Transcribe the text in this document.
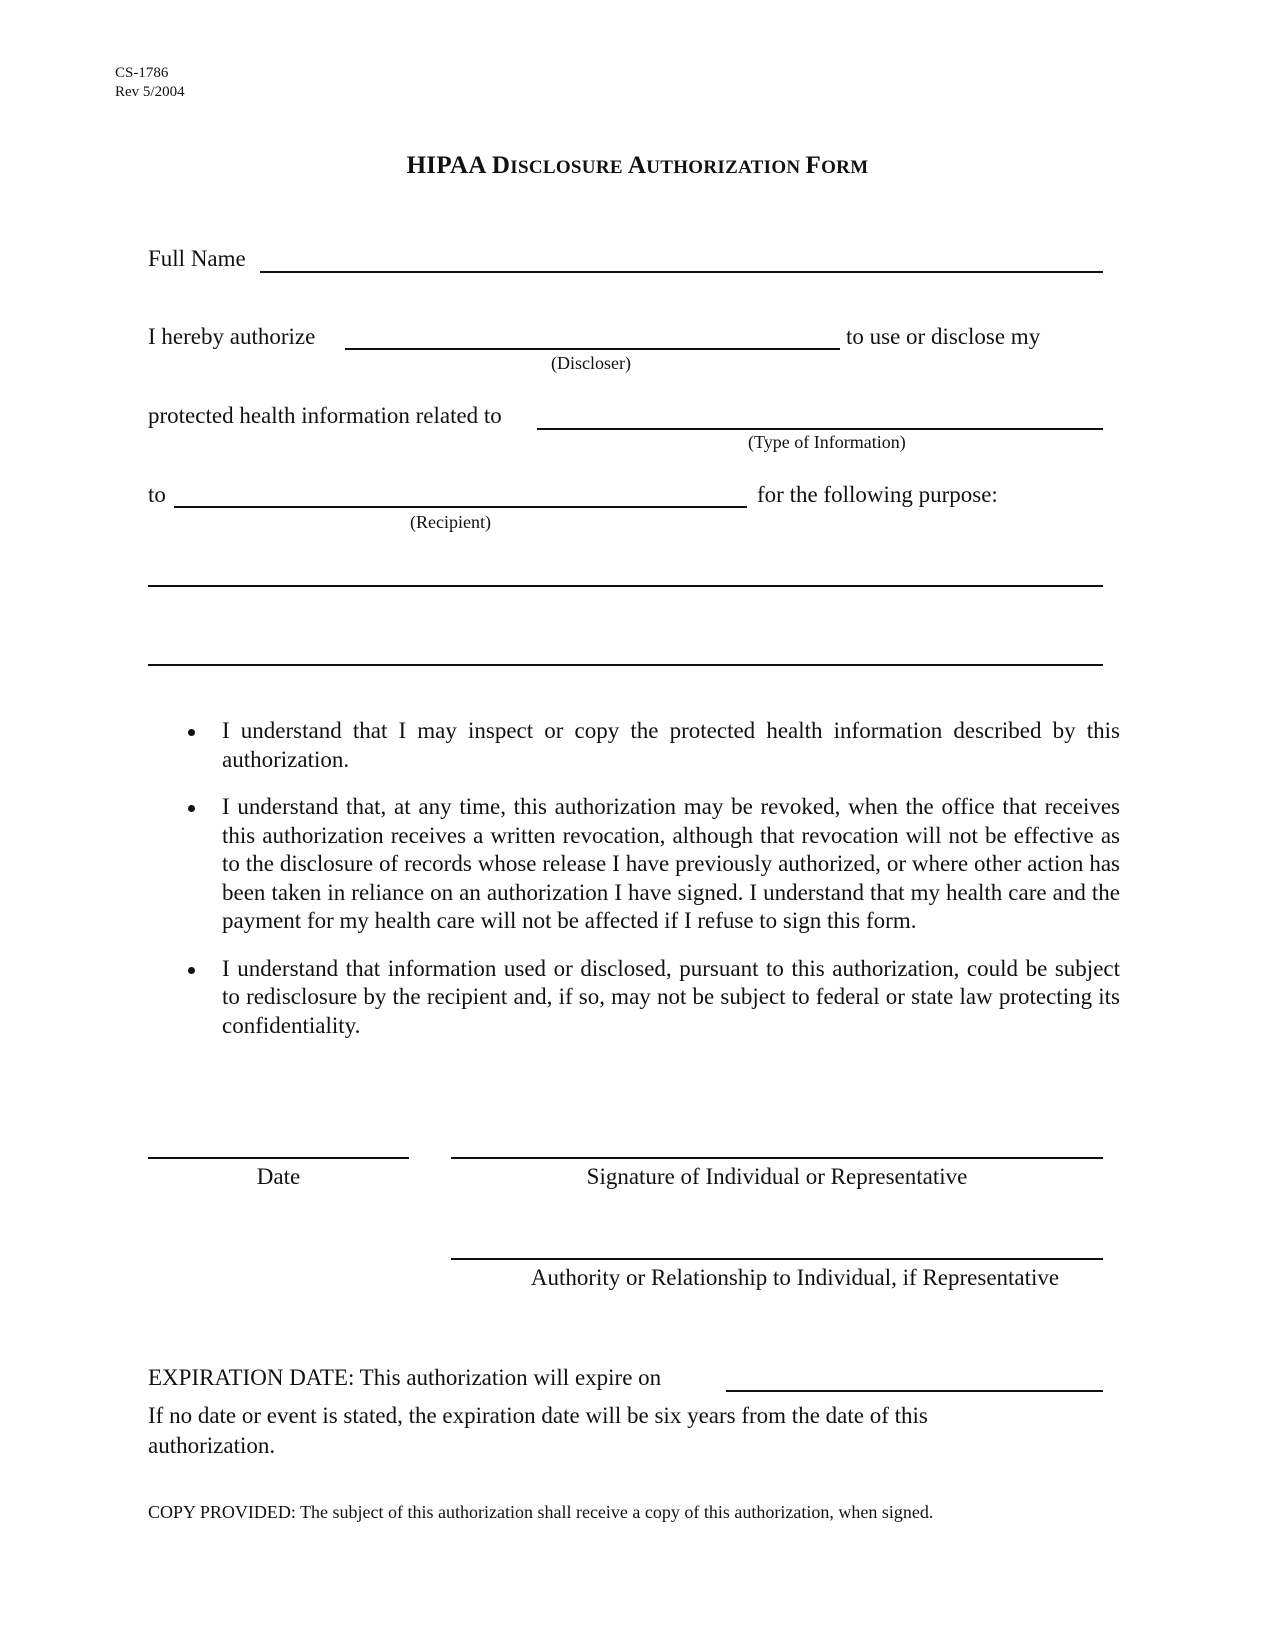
CS-1786
Rev 5/2004
HIPAA DISCLOSURE AUTHORIZATION FORM
Full Name
I hereby authorize	to use or disclose my
(Discloser)
protected health information related to
(Type of Information)
to	for the following purpose:
(Recipient)
I understand that I may inspect or copy the protected health information described by this authorization.
I understand that, at any time, this authorization may be revoked, when the office that receives this authorization receives a written revocation, although that revocation will not be effective as to the disclosure of records whose release I have previously authorized, or where other action has been taken in reliance on an authorization I have signed. I understand that my health care and the payment for my health care will not be affected if I refuse to sign this form.
I understand that information used or disclosed, pursuant to this authorization, could be subject to redisclosure by the recipient and, if so, may not be subject to federal or state law protecting its confidentiality.
Date	Signature of Individual or Representative
Authority or Relationship to Individual, if Representative
EXPIRATION DATE: This authorization will expire on
If no date or event is stated, the expiration date will be six years from the date of this
authorization.
COPY PROVIDED: The subject of this authorization shall receive a copy of this authorization, when signed.
